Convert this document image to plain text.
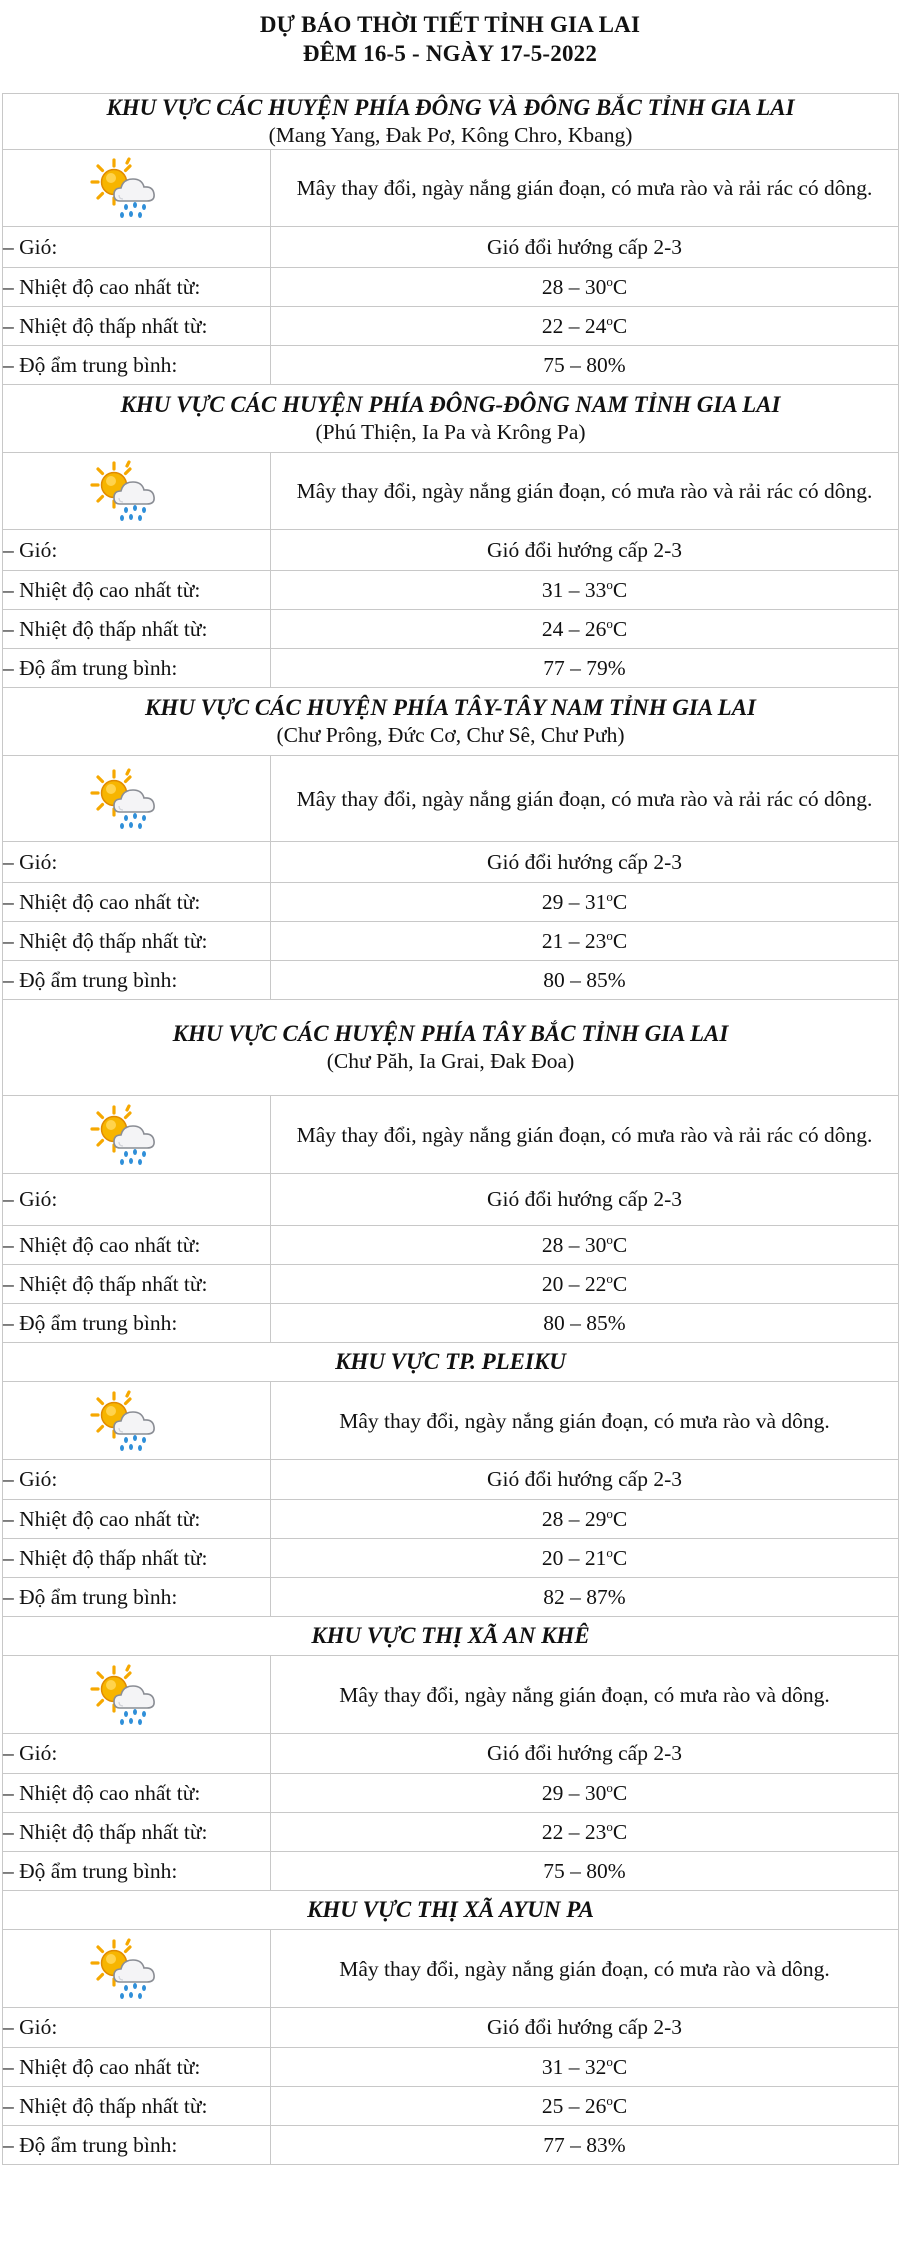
DỰ BÁO THỜI TIẾT TỈNH GIA LAI
ĐÊM 16-5 - NGÀY 17-5-2022
KHU VỰC CÁC HUYỆN PHÍA ĐÔNG VÀ ĐÔNG BẮC TỈNH GIA LAI
(Mang Yang, Đak Pơ, Kông Chro, Kbang)	

	Mây thay đổi, ngày nắng gián đoạn, có mưa rào và rải rác có dông.
– Gió:	Gió đổi hướng cấp 2-3
– Nhiệt độ cao nhất từ:	28 – 30$^o$C
– Nhiệt độ thấp nhất từ:	22 – 24$^o$C
– Độ ẩm trung bình:	75 – 80%

KHU VỰC CÁC HUYỆN PHÍA ĐÔNG-ĐÔNG NAM TỈNH GIA LAI
(Phú Thiện, Ia Pa và Krông Pa)	

	Mây thay đổi, ngày nắng gián đoạn, có mưa rào và rải rác có dông.
– Gió:	Gió đổi hướng cấp 2-3
– Nhiệt độ cao nhất từ:	31 – 33$^o$C
– Nhiệt độ thấp nhất từ:	24 – 26$^o$C
– Độ ẩm trung bình:	77 – 79%

KHU VỰC CÁC HUYỆN PHÍA TÂY-TÂY NAM TỈNH GIA LAI
(Chư Prông, Đức Cơ, Chư Sê, Chư Pưh)	

	Mây thay đổi, ngày nắng gián đoạn, có mưa rào và rải rác có dông.
– Gió:	Gió đổi hướng cấp 2-3
– Nhiệt độ cao nhất từ:	29 – 31$^o$C
– Nhiệt độ thấp nhất từ:	21 – 23$^o$C
– Độ ẩm trung bình:	80 – 85%

KHU VỰC CÁC HUYỆN PHÍA TÂY BẮC TỈNH GIA LAI
(Chư Păh, Ia Grai, Đak Đoa)	

	Mây thay đổi, ngày nắng gián đoạn, có mưa rào và rải rác có dông.
– Gió:	Gió đổi hướng cấp 2-3
– Nhiệt độ cao nhất từ:	28 – 30$^o$C
– Nhiệt độ thấp nhất từ:	20 – 22$^o$C
– Độ ẩm trung bình:	80 – 85%

KHU VỰC TP. PLEIKU	

	Mây thay đổi, ngày nắng gián đoạn, có mưa rào và dông.
– Gió:	Gió đổi hướng cấp 2-3
– Nhiệt độ cao nhất từ:	28 – 29$^o$C
– Nhiệt độ thấp nhất từ:	20 – 21$^o$C
– Độ ẩm trung bình:	82 – 87%

KHU VỰC THỊ XÃ AN KHÊ	

	Mây thay đổi, ngày nắng gián đoạn, có mưa rào và dông.
– Gió:	Gió đổi hướng cấp 2-3
– Nhiệt độ cao nhất từ:	29 – 30$^o$C
– Nhiệt độ thấp nhất từ:	22 – 23$^o$C
– Độ ẩm trung bình:	75 – 80%

KHU VỰC THỊ XÃ AYUN PA	

	Mây thay đổi, ngày nắng gián đoạn, có mưa rào và dông.
– Gió:	Gió đổi hướng cấp 2-3
– Nhiệt độ cao nhất từ:	31 – 32$^o$C
– Nhiệt độ thấp nhất từ:	25 – 26$^o$C
– Độ ẩm trung bình:	77 – 83%
